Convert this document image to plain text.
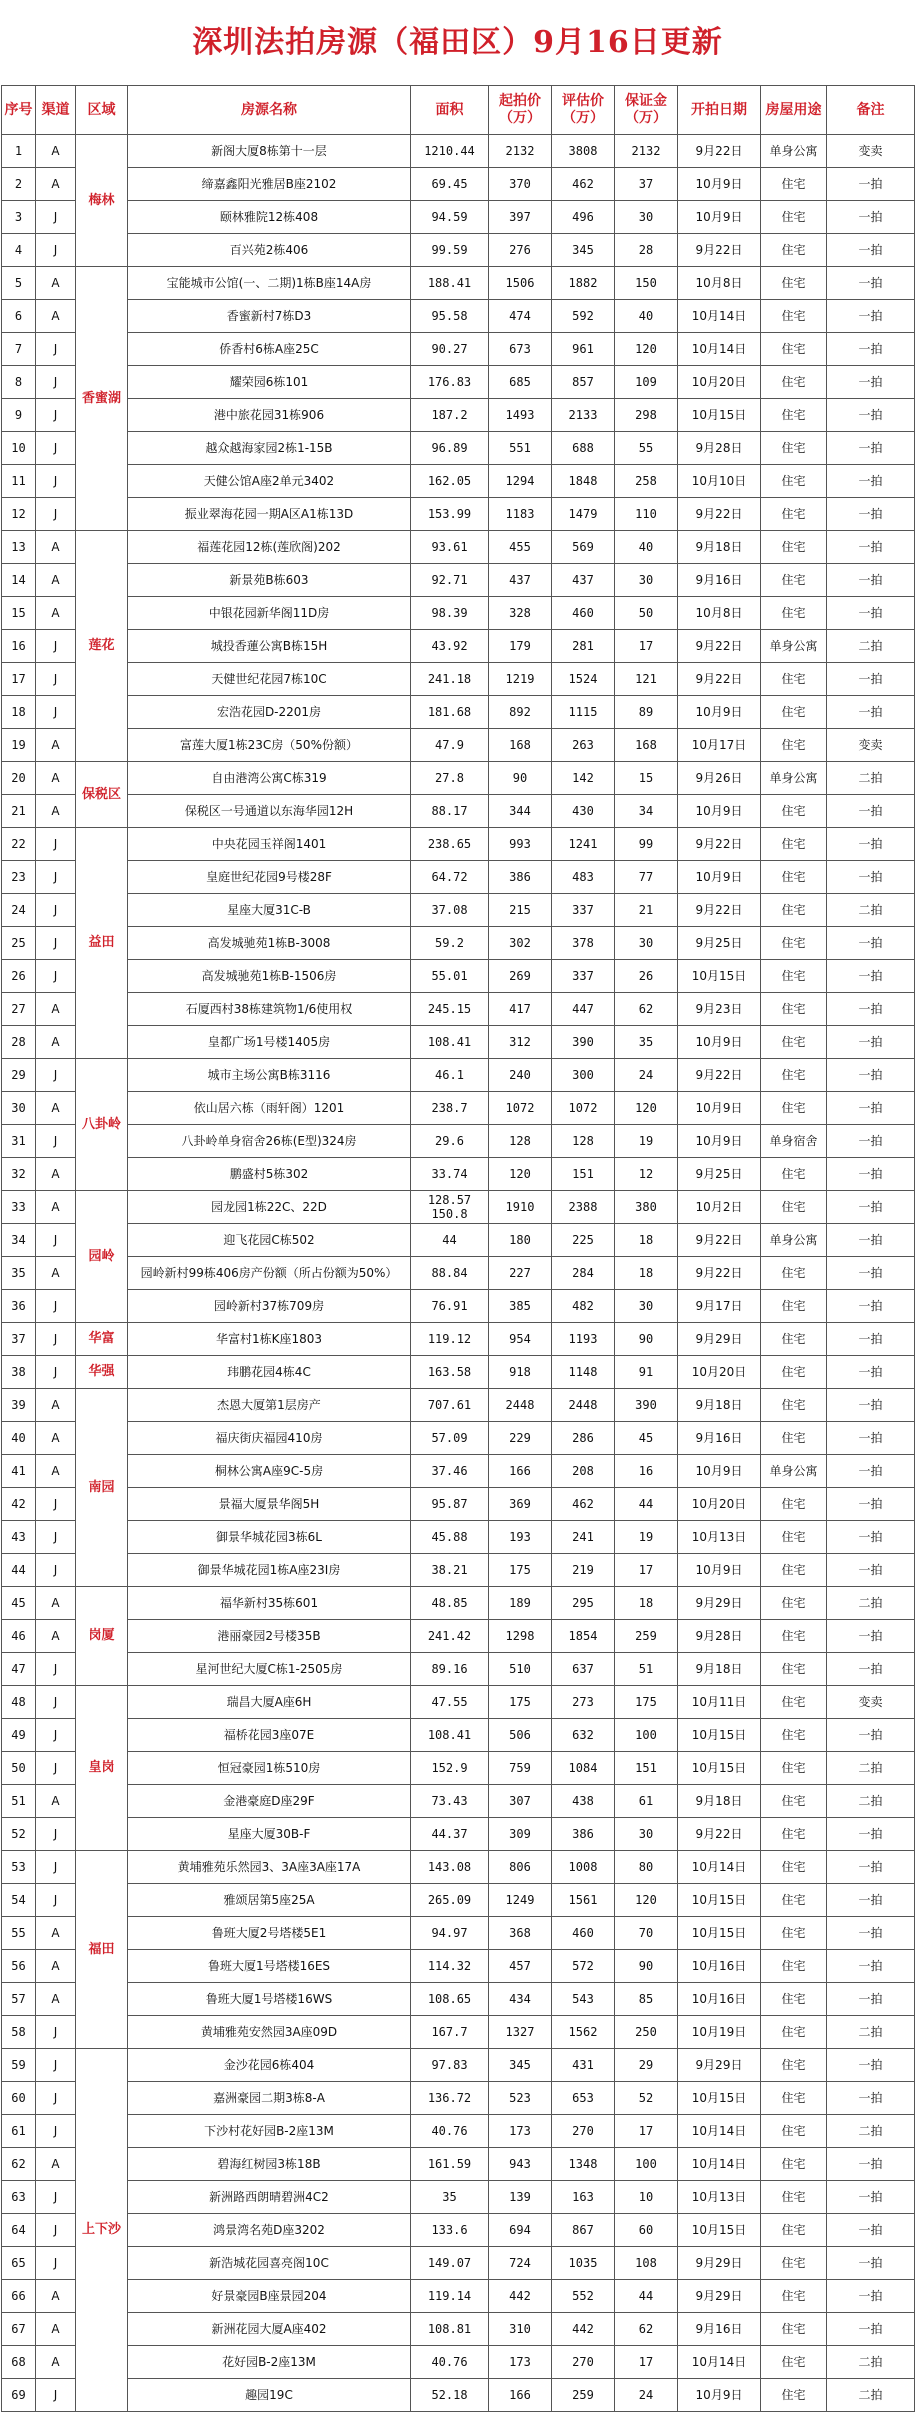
深圳法拍房源（福田区）9月16日更新
序号	渠道	区域	房源名称	面积	起拍价（万）	评估价（万）	保证金（万）	开拍日期	房屋用途	备注
1	A	梅林	新阁大厦8栋第十一层	1210.44	2132	3808	2132	9月22日	单身公寓	变卖
2	A		缔嘉鑫阳光雅居B座2102	69.45	370	462	37	10月9日	住宅	一拍
3	J		颐林雅院12栋408	94.59	397	496	30	10月9日	住宅	一拍
4	J		百兴苑2栋406	99.59	276	345	28	9月22日	住宅	一拍
5	A	香蜜湖	宝能城市公馆(一、二期)1栋B座14A房	188.41	1506	1882	150	10月8日	住宅	一拍
6	A		香蜜新村7栋D3	95.58	474	592	40	10月14日	住宅	一拍
7	J		侨香村6栋A座25C	90.27	673	961	120	10月14日	住宅	一拍
8	J		耀荣园6栋101	176.83	685	857	109	10月20日	住宅	一拍
9	J		港中旅花园31栋906	187.2	1493	2133	298	10月15日	住宅	一拍
10	J		越众越海家园2栋1-15B	96.89	551	688	55	9月28日	住宅	一拍
11	J		天健公馆A座2单元3402	162.05	1294	1848	258	10月10日	住宅	一拍
12	J		振业翠海花园一期A区A1栋13D	153.99	1183	1479	110	9月22日	住宅	一拍
13	A	莲花	福莲花园12栋(莲欣阁)202	93.61	455	569	40	9月18日	住宅	一拍
14	A		新景苑B栋603	92.71	437	437	30	9月16日	住宅	一拍
15	A		中银花园新华阁11D房	98.39	328	460	50	10月8日	住宅	一拍
16	J		城投香蓮公寓B栋15H	43.92	179	281	17	9月22日	单身公寓	二拍
17	J		天健世纪花园7栋10C	241.18	1219	1524	121	9月22日	住宅	一拍
18	J		宏浩花园D-2201房	181.68	892	1115	89	10月9日	住宅	一拍
19	A		富莲大厦1栋23C房（50%份额）	47.9	168	263	168	10月17日	住宅	变卖
20	A	保税区	自由港湾公寓C栋319	27.8	90	142	15	9月26日	单身公寓	二拍
21	A		保税区一号通道以东海华园12H	88.17	344	430	34	10月9日	住宅	一拍
22	J	益田	中央花园玉祥阁1401	238.65	993	1241	99	9月22日	住宅	一拍
23	J		皇庭世纪花园9号楼28F	64.72	386	483	77	10月9日	住宅	一拍
24	J		星座大厦31C-B	37.08	215	337	21	9月22日	住宅	二拍
25	J		高发城驰苑1栋B-3008	59.2	302	378	30	9月25日	住宅	一拍
26	J		高发城驰苑1栋B-1506房	55.01	269	337	26	10月15日	住宅	一拍
27	A		石厦西村38栋建筑物1/6使用权	245.15	417	447	62	9月23日	住宅	一拍
28	A		皇都广场1号楼1405房	108.41	312	390	35	10月9日	住宅	一拍
29	J	八卦岭	城市主场公寓B栋3116	46.1	240	300	24	9月22日	住宅	一拍
30	A		依山居六栋（雨轩阁）1201	238.7	1072	1072	120	10月9日	住宅	一拍
31	J		八卦岭单身宿舍26栋(E型)324房	29.6	128	128	19	10月9日	单身宿舍	一拍
32	A		鹏盛村5栋302	33.74	120	151	12	9月25日	住宅	一拍
33	A	园岭	园龙园1栋22C、22D	128.57 150.8	1910	2388	380	10月2日	住宅	一拍
34	J		迎飞花园C栋502	44	180	225	18	9月22日	单身公寓	一拍
35	A		园岭新村99栋406房产份额（所占份额为50%）	88.84	227	284	18	9月22日	住宅	一拍
36	J		园岭新村37栋709房	76.91	385	482	30	9月17日	住宅	一拍
37	J	华富	华富村1栋K座1803	119.12	954	1193	90	9月29日	住宅	一拍
38	J	华强	玮鹏花园4栋4C	163.58	918	1148	91	10月20日	住宅	一拍
39	A	南园	杰恩大厦第1层房产	707.61	2448	2448	390	9月18日	住宅	一拍
40	A		福庆街庆福园410房	57.09	229	286	45	9月16日	住宅	一拍
41	A		桐林公寓A座9C-5房	37.46	166	208	16	10月9日	单身公寓	一拍
42	J		景福大厦景华阁5H	95.87	369	462	44	10月20日	住宅	一拍
43	J		御景华城花园3栋6L	45.88	193	241	19	10月13日	住宅	一拍
44	J		御景华城花园1栋A座23I房	38.21	175	219	17	10月9日	住宅	一拍
45	A	岗厦	福华新村35栋601	48.85	189	295	18	9月29日	住宅	二拍
46	A		港丽豪园2号楼35B	241.42	1298	1854	259	9月28日	住宅	一拍
47	J		星河世纪大厦C栋1-2505房	89.16	510	637	51	9月18日	住宅	一拍
48	J	皇岗	瑞昌大厦A座6H	47.55	175	273	175	10月11日	住宅	变卖
49	J		福桥花园3座07E	108.41	506	632	100	10月15日	住宅	一拍
50	J		恒冠豪园1栋510房	152.9	759	1084	151	10月15日	住宅	二拍
51	A		金港豪庭D座29F	73.43	307	438	61	9月18日	住宅	二拍
52	J		星座大厦30B-F	44.37	309	386	30	9月22日	住宅	一拍
53	J	福田	黄埔雅苑乐然园3、3A座3A座17A	143.08	806	1008	80	10月14日	住宅	一拍
54	J		雅颂居第5座25A	265.09	1249	1561	120	10月15日	住宅	一拍
55	A		鲁班大厦2号塔楼5E1	94.97	368	460	70	10月15日	住宅	一拍
56	A		鲁班大厦1号塔楼16ES	114.32	457	572	90	10月16日	住宅	一拍
57	A		鲁班大厦1号塔楼16WS	108.65	434	543	85	10月16日	住宅	一拍
58	J		黄埔雅苑安然园3A座09D	167.7	1327	1562	250	10月19日	住宅	二拍
59	J	上下沙	金沙花园6栋404	97.83	345	431	29	9月29日	住宅	一拍
60	J		嘉洲豪园二期3栋8-A	136.72	523	653	52	10月15日	住宅	一拍
61	J		下沙村花好园B-2座13M	40.76	173	270	17	10月14日	住宅	二拍
62	A		碧海红树园3栋18B	161.59	943	1348	100	10月14日	住宅	一拍
63	J		新洲路西朗晴碧洲4C2	35	139	163	10	10月13日	住宅	一拍
64	J		鸿景湾名苑D座3202	133.6	694	867	60	10月15日	住宅	一拍
65	J		新浩城花园喜亮阁10C	149.07	724	1035	108	9月29日	住宅	一拍
66	A		好景豪园B座景园204	119.14	442	552	44	9月29日	住宅	一拍
67	A		新洲花园大厦A座402	108.81	310	442	62	9月16日	住宅	一拍
68	A		花好园B-2座13M	40.76	173	270	17	10月14日	住宅	二拍
69	J		趣园19C	52.18	166	259	24	10月9日	住宅	二拍
